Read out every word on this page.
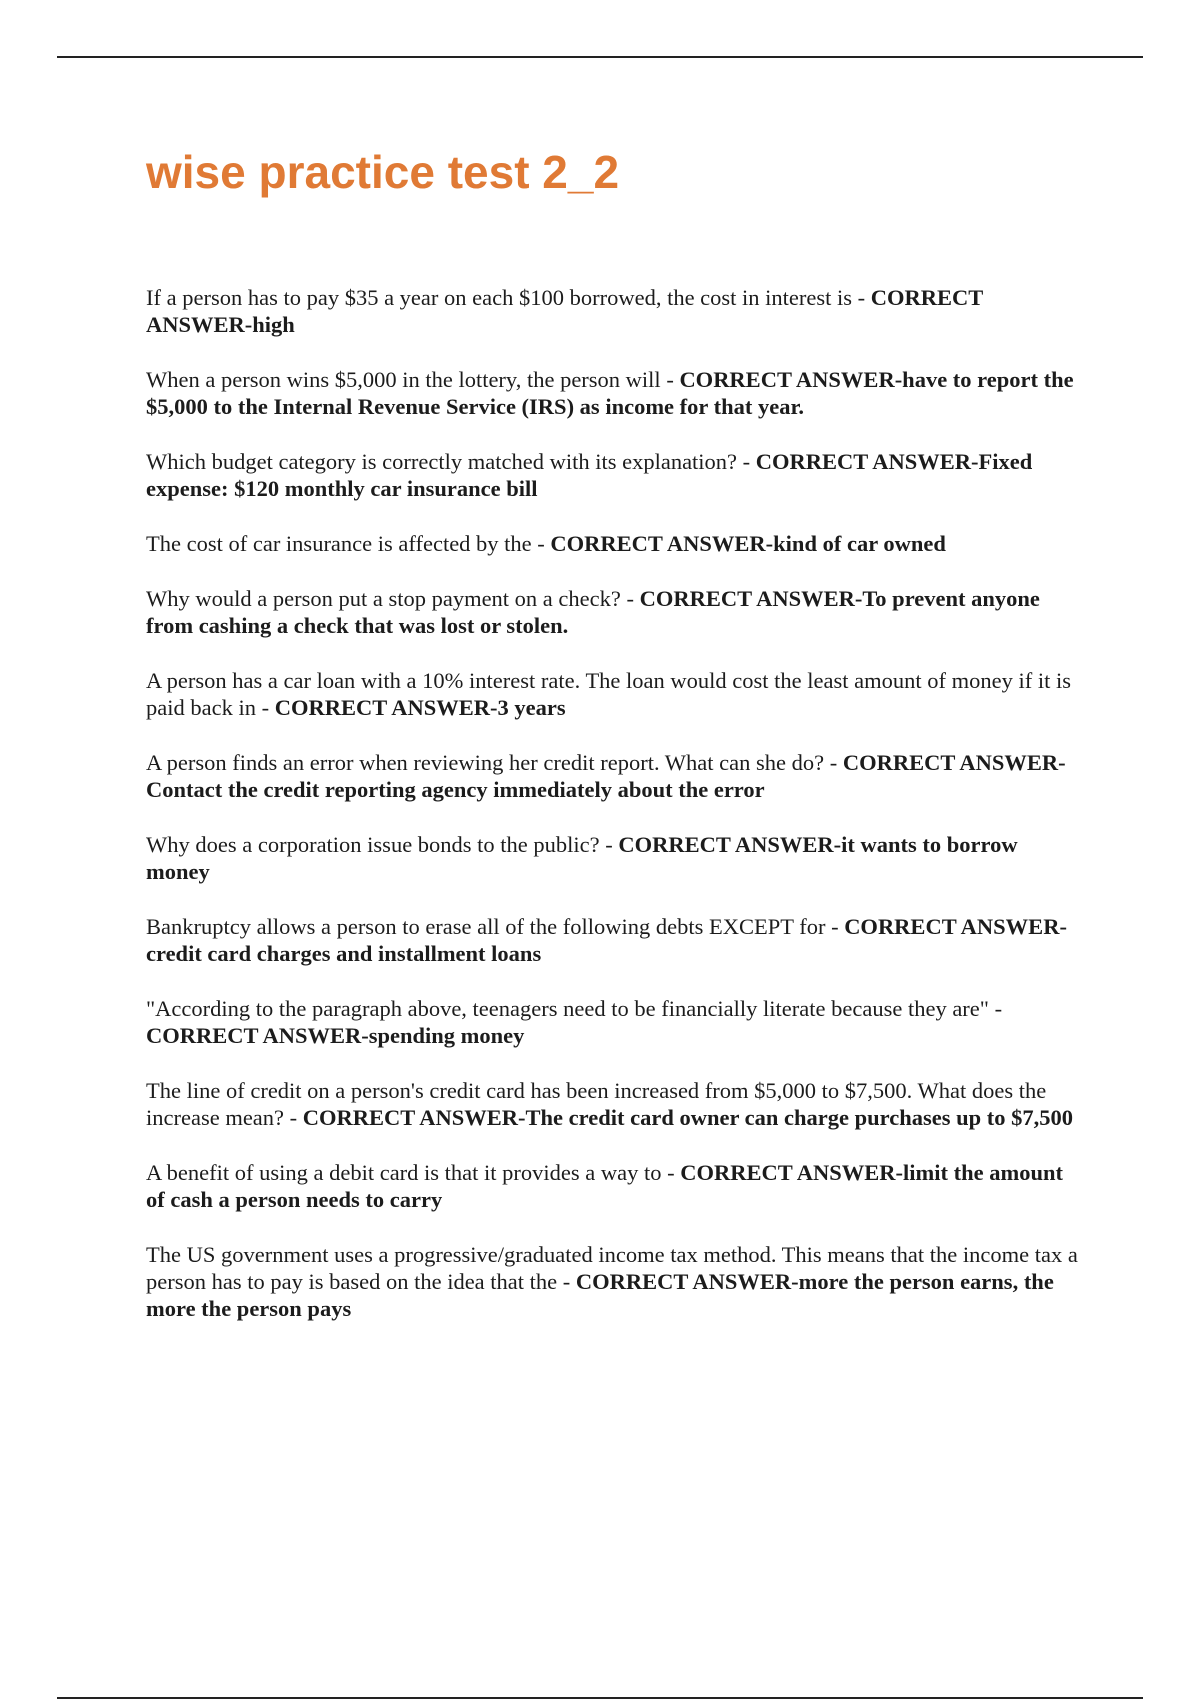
wise practice test 2_2
If a person has to pay $35 a year on each $100 borrowed, the cost in interest is - CORRECT ANSWER-high
When a person wins $5,000 in the lottery, the person will - CORRECT ANSWER-have to report the $5,000 to the Internal Revenue Service (IRS) as income for that year.
Which budget category is correctly matched with its explanation? - CORRECT ANSWER-Fixed expense: $120 monthly car insurance bill
The cost of car insurance is affected by the - CORRECT ANSWER-kind of car owned
Why would a person put a stop payment on a check? - CORRECT ANSWER-To prevent anyone from cashing a check that was lost or stolen.
A person has a car loan with a 10% interest rate. The loan would cost the least amount of money if it is paid back in - CORRECT ANSWER-3 years
A person finds an error when reviewing her credit report. What can she do? - CORRECT ANSWER-Contact the credit reporting agency immediately about the error
Why does a corporation issue bonds to the public? - CORRECT ANSWER-it wants to borrow money
Bankruptcy allows a person to erase all of the following debts EXCEPT for - CORRECT ANSWER-credit card charges and installment loans
"According to the paragraph above, teenagers need to be financially literate because they are" - CORRECT ANSWER-spending money
The line of credit on a person's credit card has been increased from $5,000 to $7,500. What does the increase mean? - CORRECT ANSWER-The credit card owner can charge purchases up to $7,500
A benefit of using a debit card is that it provides a way to - CORRECT ANSWER-limit the amount of cash a person needs to carry
The US government uses a progressive/graduated income tax method. This means that the income tax a person has to pay is based on the idea that the - CORRECT ANSWER-more the person earns, the more the person pays
